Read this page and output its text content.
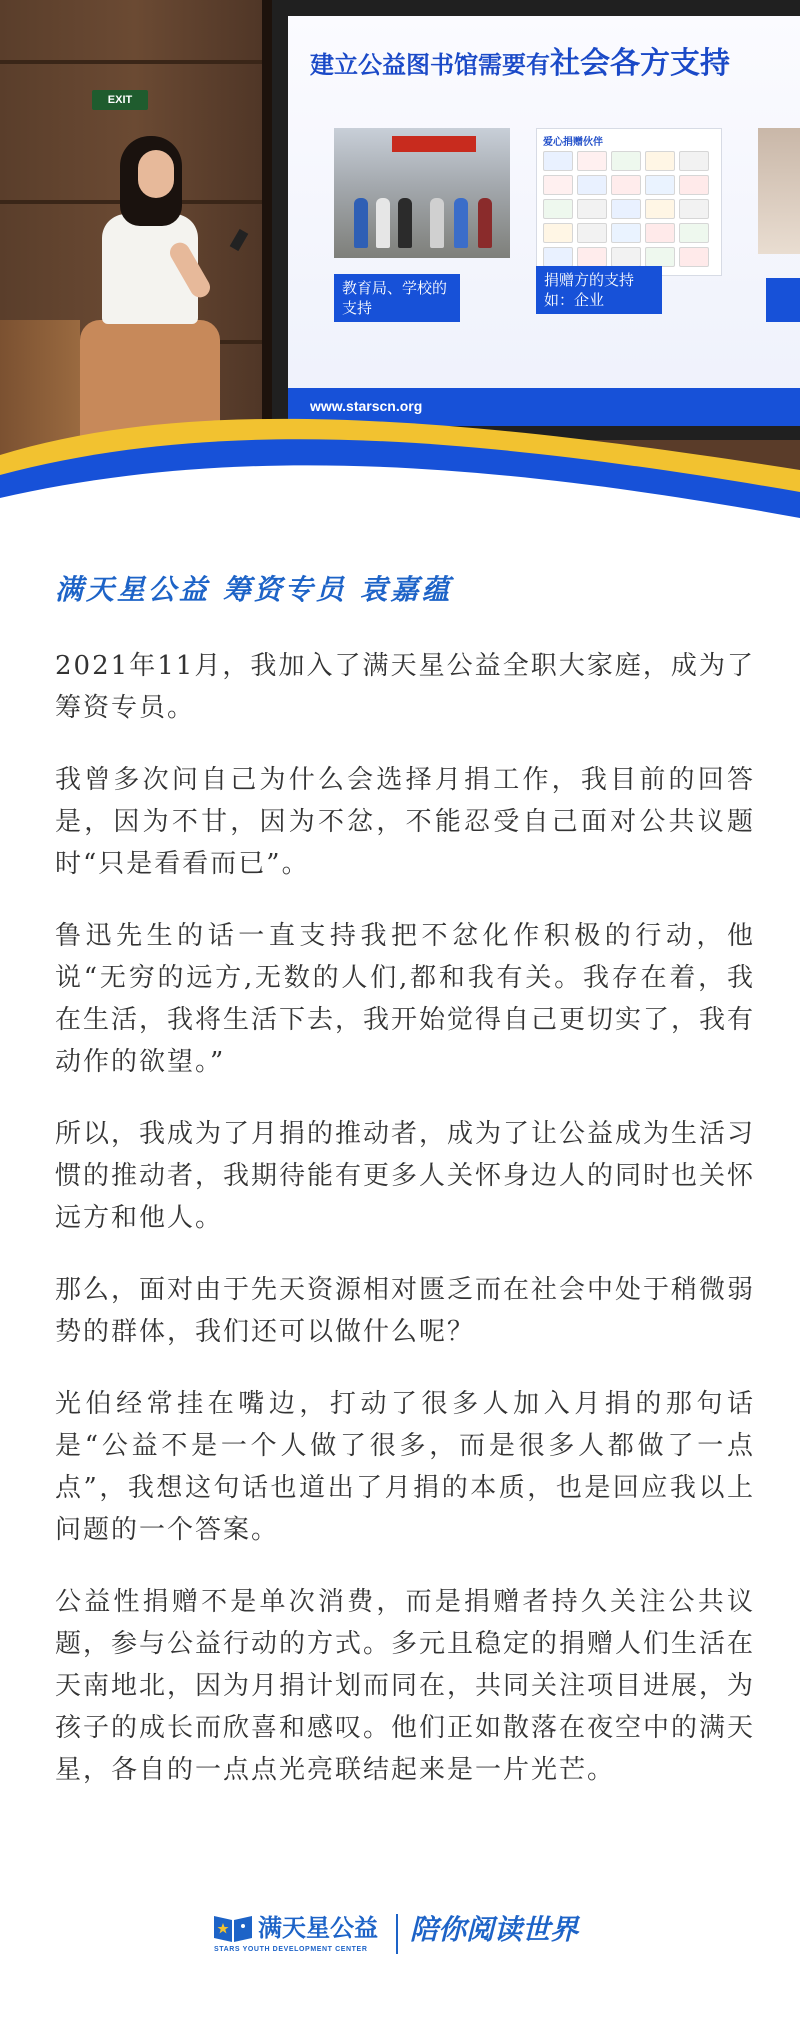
EXIT
建立公益图书馆需要有社会各方支持
爱心捐赠伙伴
教育局、学校的支持
捐赠方的支持 如：企业
www.starscn.org
满天星公益 筹资专员 袁嘉蕴

2021年11月，我加入了满天星公益全职大家庭，成为了筹资专员。

我曾多次问自己为什么会选择月捐工作，我目前的回答是，因为不甘，因为不忿，不能忍受自己面对公共议题时“只是看看而已”。

鲁迅先生的话一直支持我把不忿化作积极的行动，他说“无穷的远方,无数的人们,都和我有关。我存在着，我在生活，我将生活下去，我开始觉得自己更切实了，我有动作的欲望。”

所以，我成为了月捐的推动者，成为了让公益成为生活习惯的推动者，我期待能有更多人关怀身边人的同时也关怀远方和他人。

那么，面对由于先天资源相对匮乏而在社会中处于稍微弱势的群体，我们还可以做什么呢？

光伯经常挂在嘴边，打动了很多人加入月捐的那句话是“公益不是一个人做了很多，而是很多人都做了一点点”，我想这句话也道出了月捐的本质，也是回应我以上问题的一个答案。

公益性捐赠不是单次消费，而是捐赠者持久关注公共议题，参与公益行动的方式。多元且稳定的捐赠人们生活在天南地北，因为月捐计划而同在，共同关注项目进展，为孩子的成长而欣喜和感叹。他们正如散落在夜空中的满天星，各自的一点点光亮联结起来是一片光芒。

满天星公益
STARS YOUTH DEVELOPMENT CENTER
陪你阅读世界
